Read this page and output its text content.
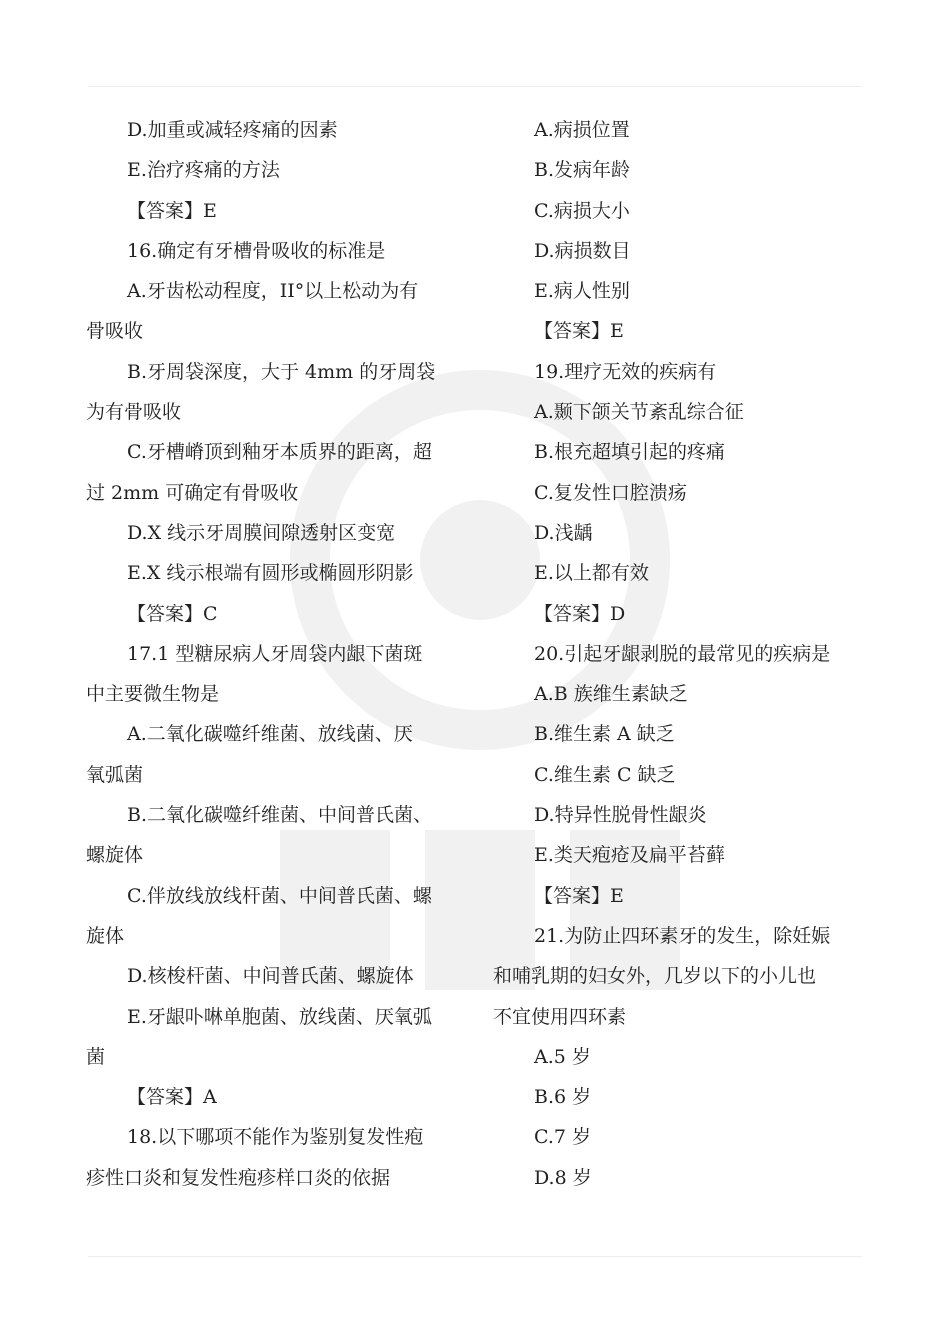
D.加重或减轻疼痛的因素
E.治疗疼痛的方法
【答案】E
16.确定有牙槽骨吸收的标准是
A.牙齿松动程度，II°以上松动为有
骨吸收
B.牙周袋深度，大于 4mm 的牙周袋
为有骨吸收
C.牙槽嵴顶到釉牙本质界的距离，超
过 2mm 可确定有骨吸收
D.X 线示牙周膜间隙透射区变宽
E.X 线示根端有圆形或椭圆形阴影
【答案】C
17.1 型糖尿病人牙周袋内龈下菌斑
中主要微生物是
A.二氧化碳噬纤维菌、放线菌、厌
氧弧菌
B.二氧化碳噬纤维菌、中间普氏菌、
螺旋体
C.伴放线放线杆菌、中间普氏菌、螺
旋体
D.核梭杆菌、中间普氏菌、螺旋体
E.牙龈卟啉单胞菌、放线菌、厌氧弧
菌
【答案】A
18.以下哪项不能作为鉴别复发性疱
疹性口炎和复发性疱疹样口炎的依据
A.病损位置
B.发病年龄
C.病损大小
D.病损数目
E.病人性别
【答案】E
19.理疗无效的疾病有
A.颞下颌关节紊乱综合征
B.根充超填引起的疼痛
C.复发性口腔溃疡
D.浅龋
E.以上都有效
【答案】D
20.引起牙龈剥脱的最常见的疾病是
A.B 族维生素缺乏
B.维生素 A 缺乏
C.维生素 C 缺乏
D.特异性脱骨性龈炎
E.类天疱疮及扁平苔藓
【答案】E
21.为防止四环素牙的发生，除妊娠
和哺乳期的妇女外，几岁以下的小儿也
不宜使用四环素
A.5 岁
B.6 岁
C.7 岁
D.8 岁
